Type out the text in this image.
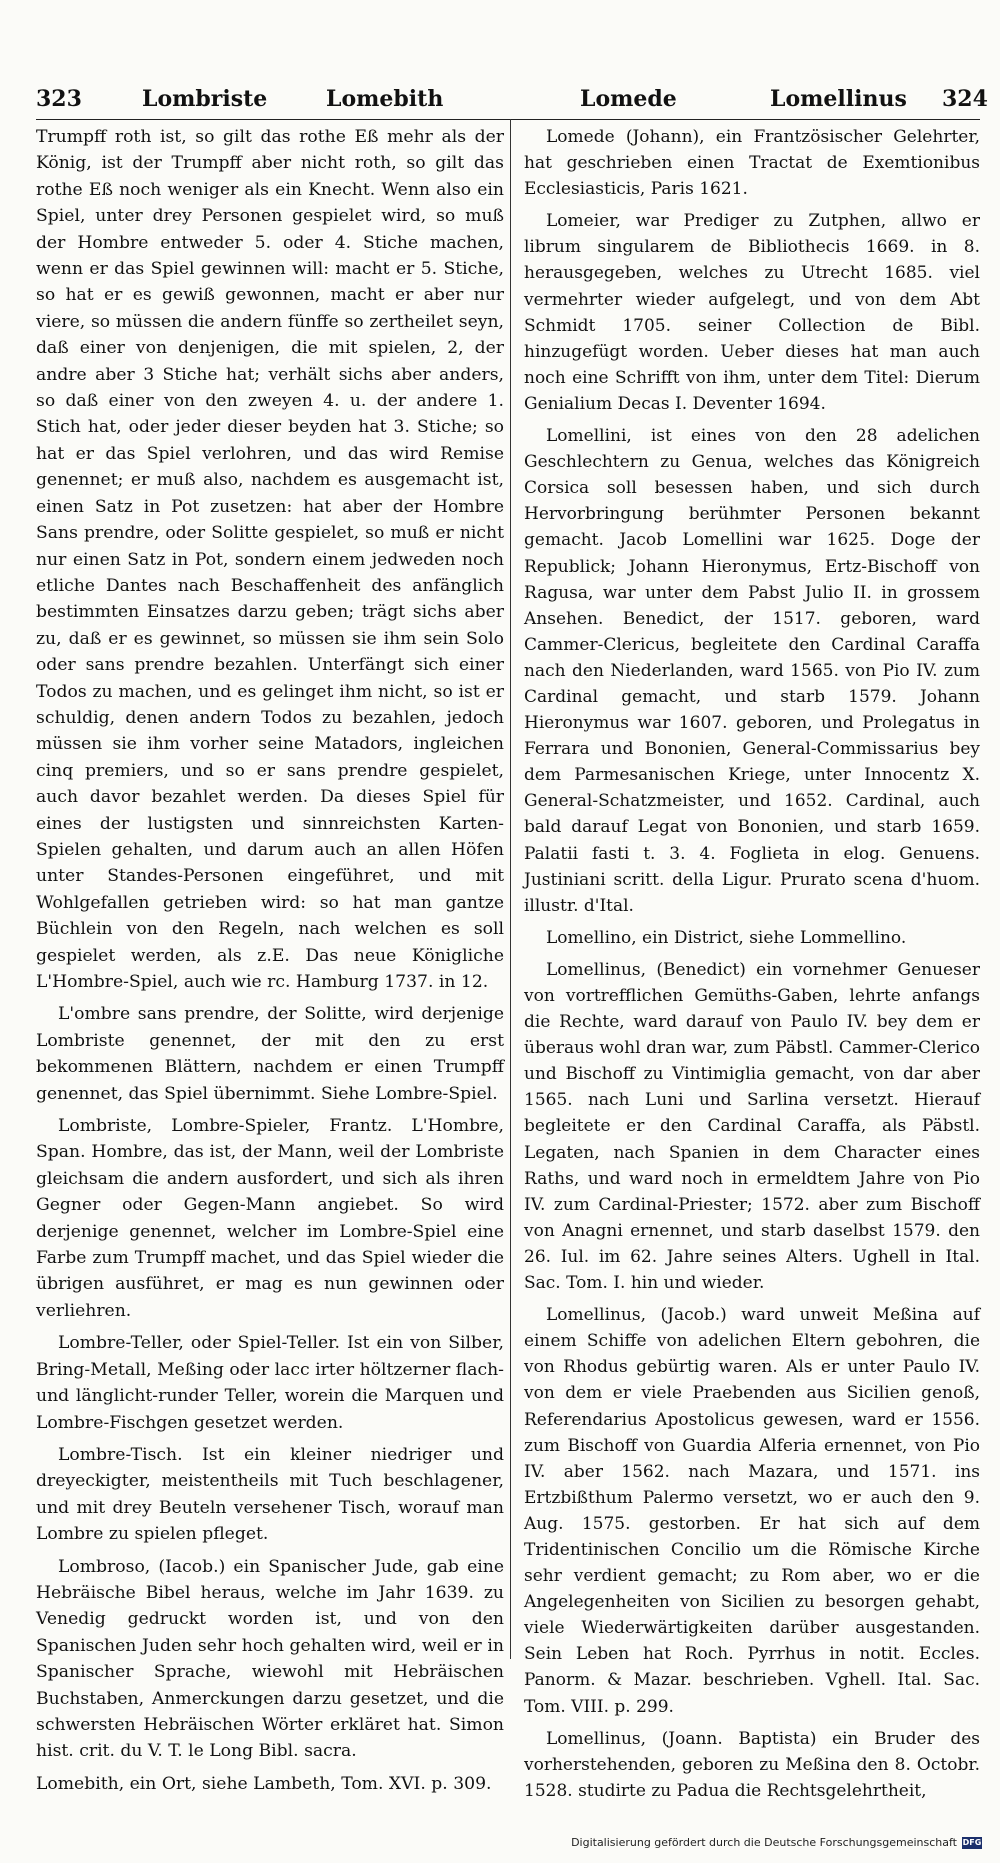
323	Lombriste	Lomebith	Lomede	Lomellinus 324

Trumpff roth ist, so gilt das rothe Eß mehr als der König, ist der Trumpff aber nicht roth, so gilt das rothe Eß noch weniger als ein Knecht. Wenn also ein Spiel, unter drey Personen gespielet wird, so muß der Hombre entweder 5. oder 4. Stiche machen, wenn er das Spiel gewinnen will: macht er 5. Stiche, so hat er es gewiß gewonnen, macht er aber nur viere, so müssen die andern fünffe so zertheilet seyn, daß einer von denjenigen, die mit spielen, 2, der andre aber 3 Stiche hat; verhält sichs aber anders, so daß einer von den zweyen 4. u. der andere 1. Stich hat, oder jeder dieser beyden hat 3. Stiche; so hat er das Spiel verlohren, und das wird Remise genennet; er muß also, nachdem es ausgemacht ist, einen Satz in Pot zusetzen: hat aber der Hombre Sans prendre, oder Solitte gespielet, so muß er nicht nur einen Satz in Pot, sondern einem jedweden noch etliche Dantes nach Beschaffenheit des anfänglich bestimmten Einsatzes darzu geben; trägt sichs aber zu, daß er es gewinnet, so müssen sie ihm sein Solo oder sans prendre bezahlen. Unterfängt sich einer Todos zu machen, und es gelinget ihm nicht, so ist er schuldig, denen andern Todos zu bezahlen, jedoch müssen sie ihm vorher seine Matadors, ingleichen cinq premiers, und so er sans prendre gespielet, auch davor bezahlet werden. Da dieses Spiel für eines der lustigsten und sinnreichsten Karten-Spielen gehalten, und darum auch an allen Höfen unter Standes-Personen eingeführet, und mit Wohlgefallen getrieben wird: so hat man gantze Büchlein von den Regeln, nach welchen es soll gespielet werden, als z.E. Das neue Königliche L'Hombre-Spiel, auch wie rc. Hamburg 1737. in 12.

L'ombre sans prendre, der Solitte, wird derjenige Lombriste genennet, der mit den zu erst bekommenen Blättern, nachdem er einen Trumpff genennet, das Spiel übernimmt. Siehe Lombre-Spiel.

Lombriste, Lombre-Spieler, Frantz. L'Hombre, Span. Hombre, das ist, der Mann, weil der Lombriste gleichsam die andern ausfordert, und sich als ihren Gegner oder Gegen-Mann angiebet. So wird derjenige genennet, welcher im Lombre-Spiel eine Farbe zum Trumpff machet, und das Spiel wieder die übrigen ausführet, er mag es nun gewinnen oder verliehren.

Lombre-Teller, oder Spiel-Teller. Ist ein von Silber, Bring-Metall, Meßing oder lacc irter höltzerner flach- und länglicht-runder Teller, worein die Marquen und Lombre-Fischgen gesetzet werden.

Lombre-Tisch. Ist ein kleiner niedriger und dreyeckigter, meistentheils mit Tuch beschlagener, und mit drey Beuteln versehener Tisch, worauf man Lombre zu spielen pfleget.

Lombroso, (Iacob.) ein Spanischer Jude, gab eine Hebräische Bibel heraus, welche im Jahr 1639. zu Venedig gedruckt worden ist, und von den Spanischen Juden sehr hoch gehalten wird, weil er in Spanischer Sprache, wiewohl mit Hebräischen Buchstaben, Anmerckungen darzu gesetzet, und die schwersten Hebräischen Wörter erkläret hat. Simon hist. crit. du V. T. le Long Bibl. sacra.

Lomebith, ein Ort, siehe Lambeth, Tom. XVI. p. 309.

Lomede (Johann), ein Frantzösischer Gelehrter, hat geschrieben einen Tractat de Exemtionibus Ecclesiasticis, Paris 1621.

Lomeier, war Prediger zu Zutphen, allwo er librum singularem de Bibliothecis 1669. in 8. herausgegeben, welches zu Utrecht 1685. viel vermehrter wieder aufgelegt, und von dem Abt Schmidt 1705. seiner Collection de Bibl. hinzugefügt worden. Ueber dieses hat man auch noch eine Schrifft von ihm, unter dem Titel: Dierum Genialium Decas I. Deventer 1694.

Lomellini, ist eines von den 28 adelichen Geschlechtern zu Genua, welches das Königreich Corsica soll besessen haben, und sich durch Hervorbringung berühmter Personen bekannt gemacht. Jacob Lomellini war 1625. Doge der Republick; Johann Hieronymus, Ertz-Bischoff von Ragusa, war unter dem Pabst Julio II. in grossem Ansehen. Benedict, der 1517. geboren, ward Cammer-Clericus, begleitete den Cardinal Caraffa nach den Niederlanden, ward 1565. von Pio IV. zum Cardinal gemacht, und starb 1579. Johann Hieronymus war 1607. geboren, und Prolegatus in Ferrara und Bononien, General-Commissarius bey dem Parmesanischen Kriege, unter Innocentz X. General-Schatzmeister, und 1652. Cardinal, auch bald darauf Legat von Bononien, und starb 1659. Palatii fasti t. 3. 4. Foglieta in elog. Genuens. Justiniani scritt. della Ligur. Prurato scena d'huom. illustr. d'Ital.

Lomellino, ein District, siehe Lommellino.

Lomellinus, (Benedict) ein vornehmer Genueser von vortrefflichen Gemüths-Gaben, lehrte anfangs die Rechte, ward darauf von Paulo IV. bey dem er überaus wohl dran war, zum Päbstl. Cammer-Clerico und Bischoff zu Vintimiglia gemacht, von dar aber 1565. nach Luni und Sarlina versetzt. Hierauf begleitete er den Cardinal Caraffa, als Päbstl. Legaten, nach Spanien in dem Character eines Raths, und ward noch in ermeldtem Jahre von Pio IV. zum Cardinal-Priester; 1572. aber zum Bischoff von Anagni ernennet, und starb daselbst 1579. den 26. Iul. im 62. Jahre seines Alters. Ughell in Ital. Sac. Tom. I. hin und wieder.

Lomellinus, (Jacob.) ward unweit Meßina auf einem Schiffe von adelichen Eltern gebohren, die von Rhodus gebürtig waren. Als er unter Paulo IV. von dem er viele Praebenden aus Sicilien genoß, Referendarius Apostolicus gewesen, ward er 1556. zum Bischoff von Guardia Alferia ernennet, von Pio IV. aber 1562. nach Mazara, und 1571. ins Ertzbißthum Palermo versetzt, wo er auch den 9. Aug. 1575. gestorben. Er hat sich auf dem Tridentinischen Concilio um die Römische Kirche sehr verdient gemacht; zu Rom aber, wo er die Angelegenheiten von Sicilien zu besorgen gehabt, viele Wiederwärtigkeiten darüber ausgestanden. Sein Leben hat Roch. Pyrrhus in notit. Eccles. Panorm. & Mazar. beschrieben. Vghell. Ital. Sac. Tom. VIII. p. 299.

Lomellinus, (Joann. Baptista) ein Bruder des vorherstehenden, geboren zu Meßina den 8. Octobr. 1528. studirte zu Padua die Rechtsgelehrtheit,

Digitalisierung gefördert durch die Deutsche Forschungsgemeinschaft DFG
